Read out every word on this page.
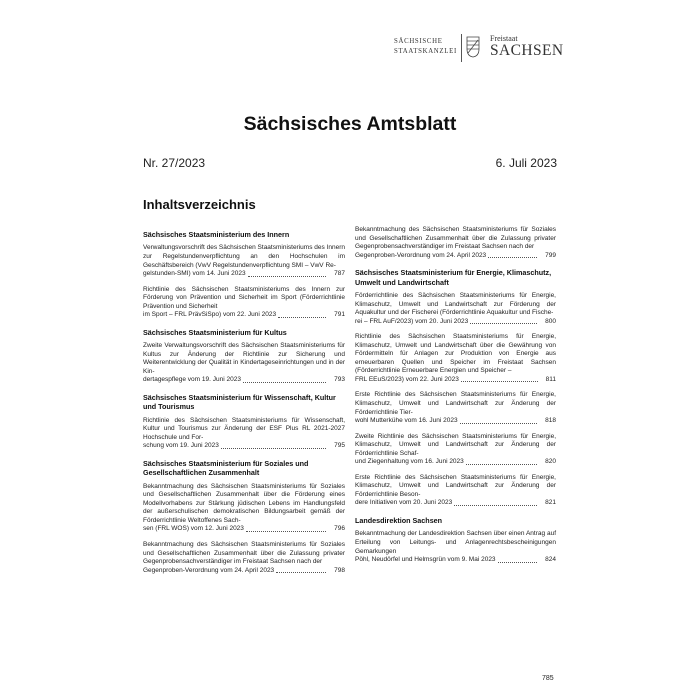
SÄCHSISCHE
STAATSKANZLEI
Freistaat
SACHSEN
Sächsisches Amtsblatt
Nr. 27/2023	6. Juli 2023
Inhaltsverzeichnis
Sächsisches Staatsministerium des Innern
Verwaltungsvorschrift des Sächsischen Staatsministeriums des Innern zur Regelstundenverpflichtung an den Hochschulen im Geschäftsbereich (VwV Regelstundenverpflichtung SMI – VwV Re-
gelstunden-SMI) vom 14. Juni 2023	787
Richtlinie des Sächsischen Staatsministeriums des Innern zur Förderung von Prävention und Sicherheit im Sport (Förderrichtlinie Prävention und Sicherheit
im Sport – FRL PrävSiSpo) vom 22. Juni 2023	791
Sächsisches Staatsministerium für Kultus
Zweite Verwaltungsvorschrift des Sächsischen Staatsministeriums für Kultus zur Änderung der Richtlinie zur Sicherung und Weiterentwicklung der Qualität in Kindertageseinrichtungen und in der Kin-
dertagespflege vom 19. Juni 2023	793
Sächsisches Staatsministerium für Wissenschaft, Kultur und Tourismus
Richtlinie des Sächsischen Staatsministeriums für Wissenschaft, Kultur und Tourismus zur Änderung der ESF Plus RL 2021-2027 Hochschule und For-
schung vom 19. Juni 2023	795
Sächsisches Staatsministerium für Soziales und Gesellschaftlichen Zusammenhalt
Bekanntmachung des Sächsischen Staatsministeriums für Soziales und Gesellschaftlichen Zusammenhalt über die Förderung eines Modellvorhabens zur Stärkung jüdischen Lebens im Handlungsfeld der außerschulischen demokratischen Bildungsarbeit gemäß der Förderrichtlinie Weltoffenes Sach-
sen (FRL WOS) vom 12. Juni 2023	796
Bekanntmachung des Sächsischen Staatsministeriums für Soziales und Gesellschaftlichen Zusammenhalt über die Zulassung privater Gegenprobensachverständiger im Freistaat Sachsen nach der
Gegenproben-Verordnung vom 24. April 2023	798
Bekanntmachung des Sächsischen Staatsministeriums für Soziales und Gesellschaftlichen Zusammenhalt über die Zulassung privater Gegenprobensachverständiger im Freistaat Sachsen nach der
Gegenproben-Verordnung vom 24. April 2023	799
Sächsisches Staatsministerium für Energie, Klimaschutz, Umwelt und Landwirtschaft
Förderrichtlinie des Sächsischen Staatsministeriums für Energie, Klimaschutz, Umwelt und Landwirtschaft zur Förderung der Aquakultur und der Fischerei (Förderrichtlinie Aquakultur und Fische-
rei – FRL AuF/2023) vom 20. Juni 2023	800
Richtlinie des Sächsischen Staatsministeriums für Energie, Klimaschutz, Umwelt und Landwirtschaft über die Gewährung von Fördermitteln für Anlagen zur Produktion von Energie aus erneuerbaren Quellen und Speicher im Freistaat Sachsen (Förderrichtlinie Erneuerbare Energien und Speicher –
FRL EEuS/2023) vom 22. Juni 2023	811
Erste Richtlinie des Sächsischen Staatsministeriums für Energie, Klimaschutz, Umwelt und Landwirtschaft zur Änderung der Förderrichtlinie Tier-
wohl Mutterkühe vom 16. Juni 2023	818
Zweite Richtlinie des Sächsischen Staatsministeriums für Energie, Klimaschutz, Umwelt und Landwirtschaft zur Änderung der Förderrichtlinie Schaf-
und Ziegenhaltung vom 16. Juni 2023	820
Erste Richtlinie des Sächsischen Staatsministeriums für Energie, Klimaschutz, Umwelt und Landwirtschaft zur Änderung der Förderrichtlinie Beson-
dere Initiativen vom 20. Juni 2023	821
Landesdirektion Sachsen
Bekanntmachung der Landesdirektion Sachsen über einen Antrag auf Erteilung von Leitungs- und Anlagenrechtsbescheinigungen Gemarkungen
Pöhl, Neudörfel und Helmsgrün vom 9. Mai 2023	824
785
